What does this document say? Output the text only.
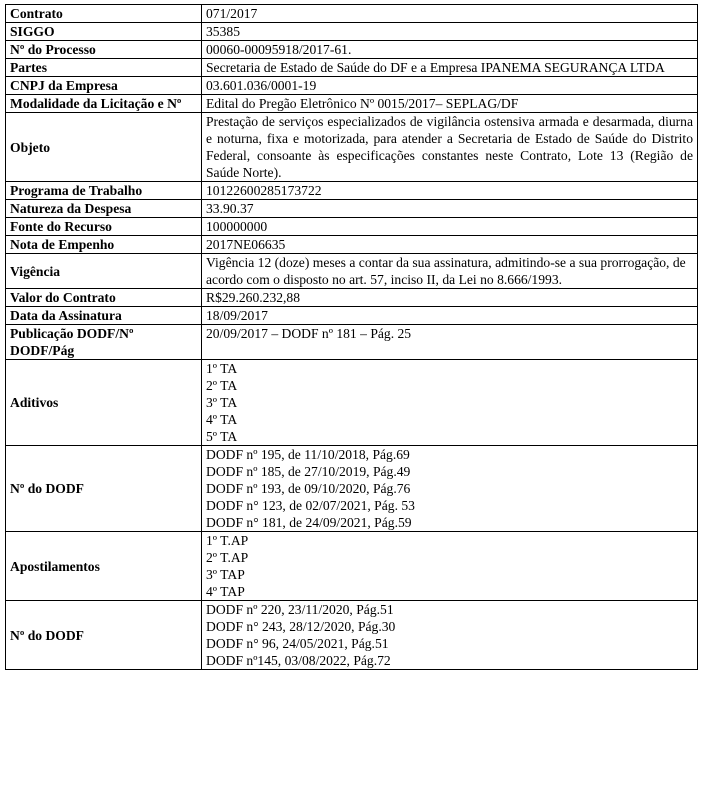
Contrato	071/2017
SIGGO	35385
Nº do Processo	00060-00095918/2017-61.
Partes	Secretaria de Estado de Saúde do DF e a Empresa IPANEMA SEGURANÇA LTDA
CNPJ da Empresa	03.601.036/0001-19
Modalidade da Licitação e Nº	Edital do Pregão Eletrônico Nº 0015/2017– SEPLAG/DF
Objeto	Prestação de serviços especializados de vigilância ostensiva armada e desarmada, diurna e noturna, fixa e motorizada, para atender a Secretaria de Estado de Saúde do Distrito Federal, consoante às especificações constantes neste Contrato, Lote 13 (Região de Saúde Norte).
Programa de Trabalho	10122600285173722
Natureza da Despesa	33.90.37
Fonte do Recurso	100000000
Nota de Empenho	2017NE06635
Vigência	Vigência 12 (doze) meses a contar da sua assinatura, admitindo-se a sua prorrogação, de acordo com o disposto no art. 57, inciso II, da Lei no 8.666/1993.
Valor do Contrato	R$29.260.232,88
Data da Assinatura	18/09/2017
Publicação DODF/Nº DODF/Pág	20/09/2017 – DODF nº 181 – Pág. 25
Aditivos	1º TA
2º TA
3º TA
4º TA
5º TA

Nº do DODF	DODF nº 195, de 11/10/2018, Pág.69
DODF nº 185, de 27/10/2019, Pág.49
DODF nº 193, de 09/10/2020, Pág.76
DODF n° 123, de 02/07/2021, Pág. 53
DODF n° 181, de 24/09/2021, Pág.59

Apostilamentos	1º T.AP
2º T.AP
3º TAP
4º TAP

Nº do DODF	DODF nº 220, 23/11/2020, Pág.51
DODF n° 243, 28/12/2020, Pág.30
DODF n° 96, 24/05/2021, Pág.51
DODF nº145, 03/08/2022, Pág.72
